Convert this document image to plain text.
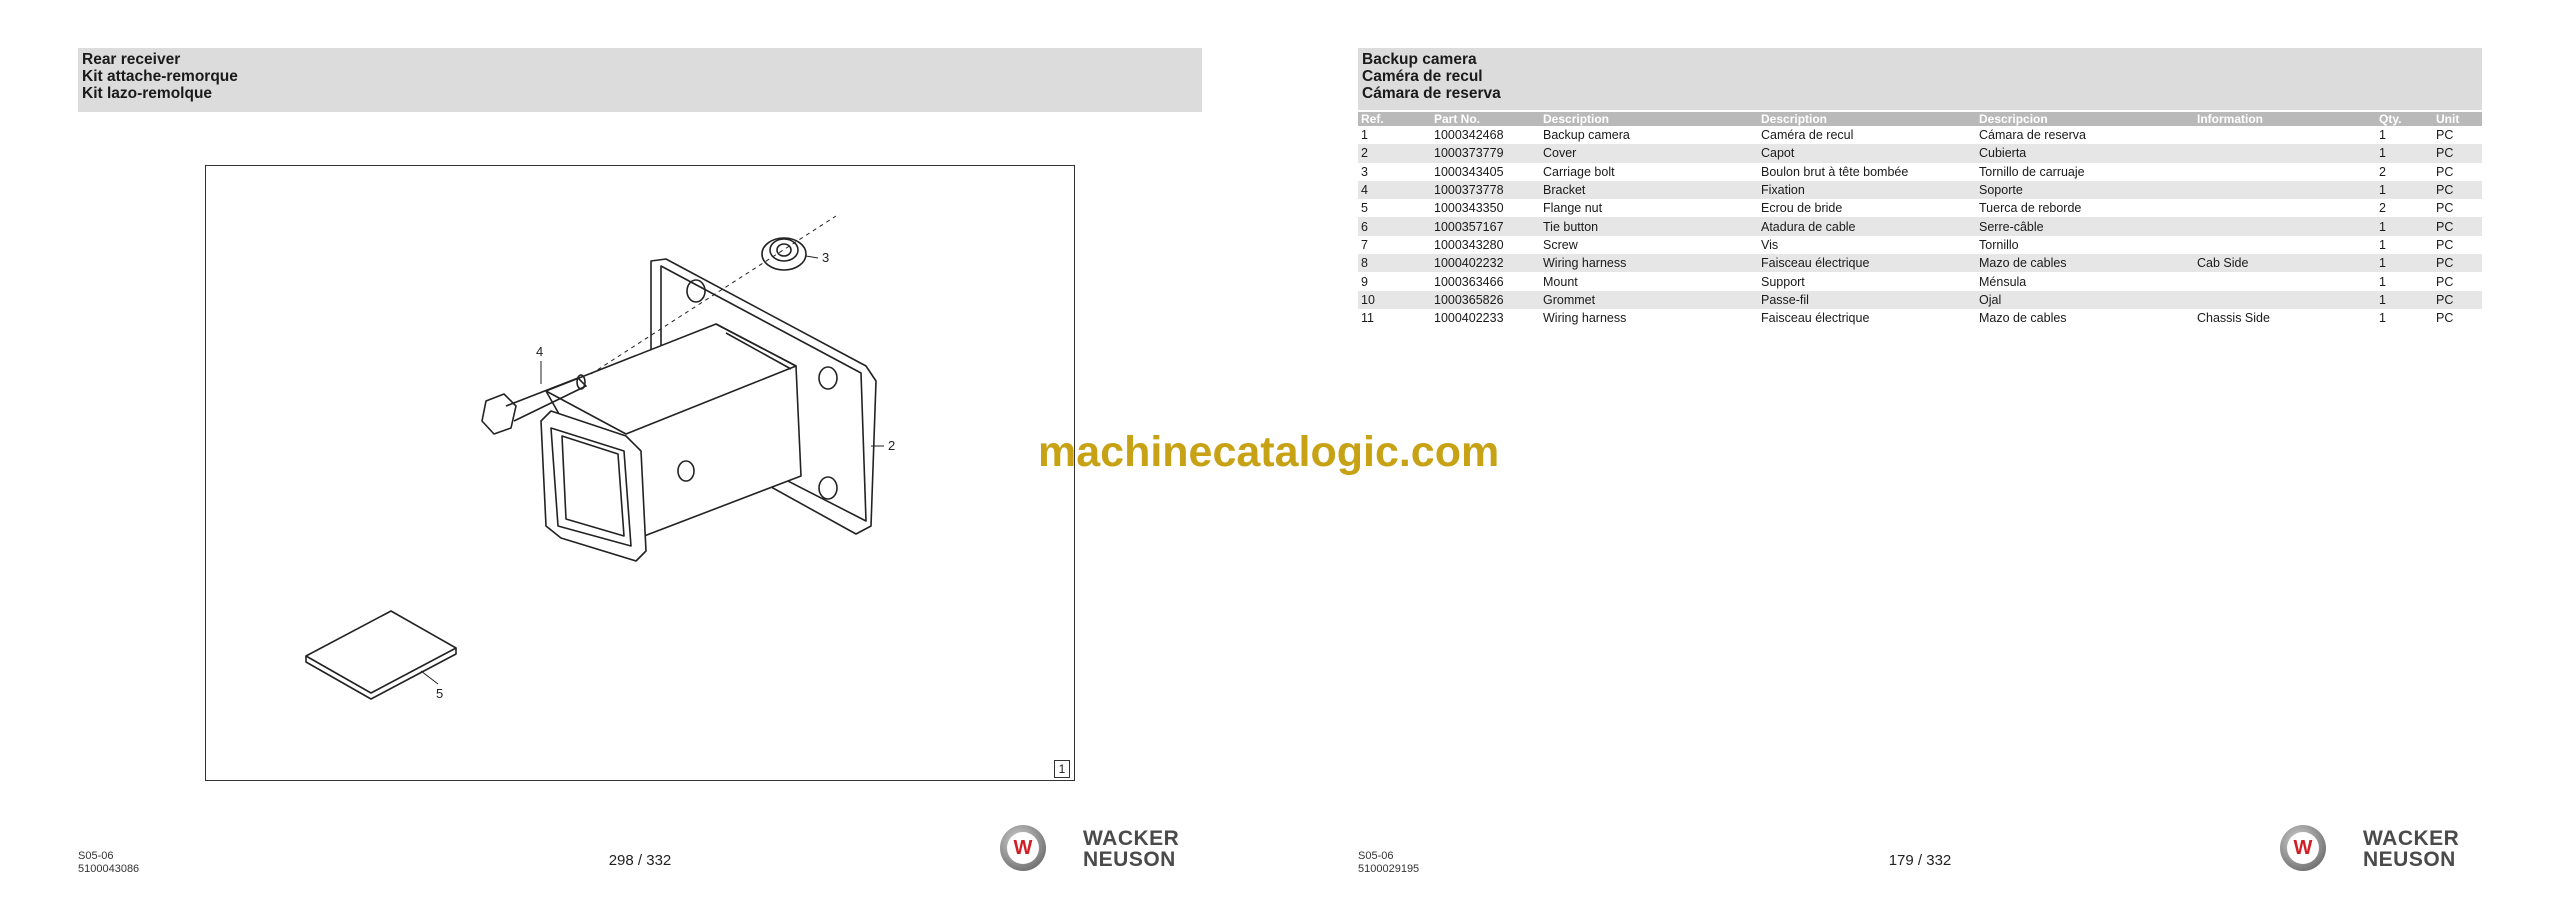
Rear receiver
Kit attache-remorque
Kit lazo-remolque
3
4
2
5
1
S05-06
5100043086	298 / 332
W	WACKER
NEUSON
Backup camera
Caméra de recul
Cámara de reserva
Ref.	Part No.	Description	Description	Descripcion	Information	Qty.	Unit
1	1000342468	Backup camera	Caméra de recul	Cámara de reserva		1	PC
2	1000373779	Cover	Capot	Cubierta		1	PC
3	1000343405	Carriage bolt	Boulon brut à tête bombée	Tornillo de carruaje		2	PC
4	1000373778	Bracket	Fixation	Soporte		1	PC
5	1000343350	Flange nut	Ecrou de bride	Tuerca de reborde		2	PC
6	1000357167	Tie button	Atadura de cable	Serre-câble		1	PC
7	1000343280	Screw	Vis	Tornillo		1	PC
8	1000402232	Wiring harness	Faisceau électrique	Mazo de cables	Cab Side	1	PC
9	1000363466	Mount	Support	Ménsula		1	PC
10	1000365826	Grommet	Passe-fil	Ojal		1	PC
11	1000402233	Wiring harness	Faisceau électrique	Mazo de cables	Chassis Side	1	PC
S05-06
5100029195	179 / 332
W	WACKER
NEUSON
machinecatalogic.com
